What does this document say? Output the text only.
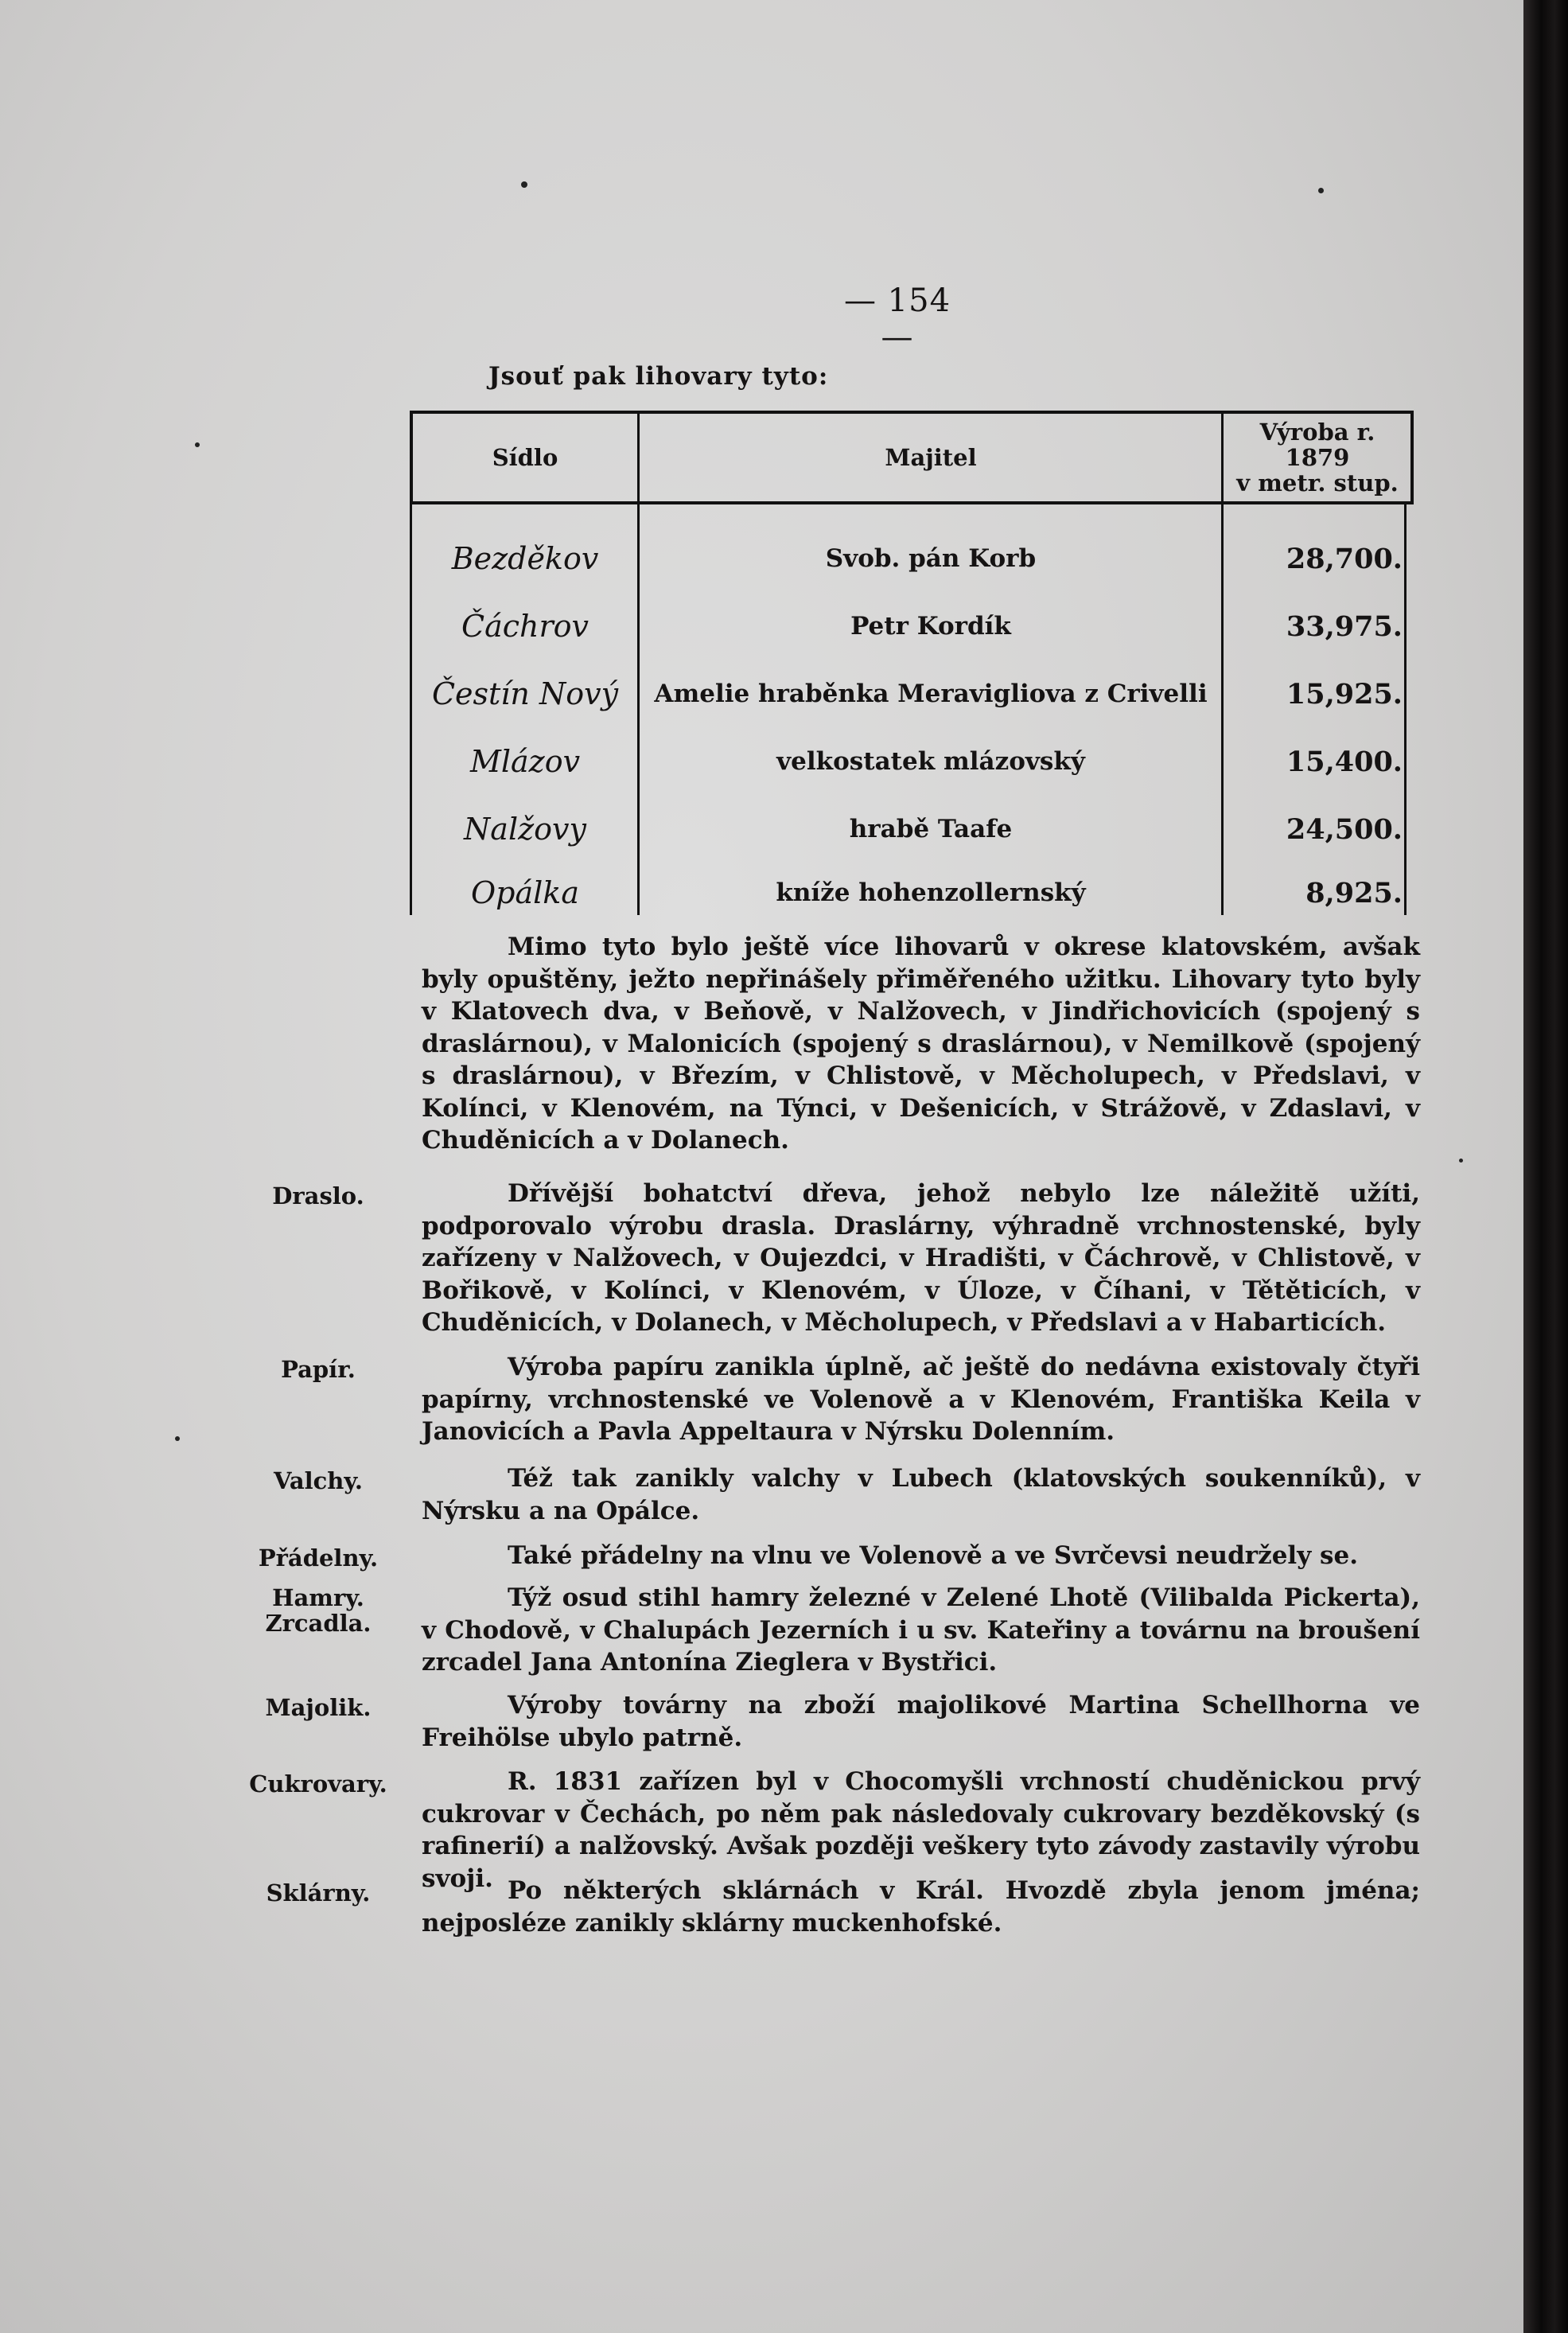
— 154 —
Jsouť pak lihovary tyto:
Sídlo	Majitel
Výroba r. 1879
v metr. stup.
Bezděkov	Svob. pán Korb	28,700.
Čáchrov	Petr Kordík	33,975.
Čestín Nový	Amelie hraběnka Meravigliova z Crivelli	15,925.
Mlázov	velkostatek mlázovský	15,400.
Nalžovy	hrabě Taafe	24,500.
Opálka	kníže hohenzollernský	8,925.

Mimo tyto bylo ještě více lihovarů v okrese klatovském, avšak byly opuštěny, ježto nepřinášely přiměřeného užitku. Lihovary tyto byly v Klatovech dva, v Beňově, v Nalžovech, v Jindřichovicích (spojený s draslárnou), v Malonicích (spojený s draslárnou), v Nemilkově (spojený s draslárnou), v Březím, v Chlistově, v Měcholupech, v Předslavi, v Kolínci, v Klenovém, na Týnci, v Dešenicích, v Strážově, v Zdaslavi, v Chuděnicích a v Dolanech.

Draslo.	Dřívější bohatctví dřeva, jehož nebylo lze náležitě užíti, podporovalo výrobu drasla. Draslárny, výhradně vrchnostenské, byly zařízeny v Nalžovech, v Oujezdci, v Hradišti, v Čáchrově, v Chlistově, v Bořikově, v Kolínci, v Klenovém, v Úloze, v Číhani, v Tětěticích, v Chuděnicích, v Dolanech, v Měcholupech, v Předslavi a v Habarticích.

Papír.	Výroba papíru zanikla úplně, ač ještě do nedávna existovaly čtyři papírny, vrchnostenské ve Volenově a v Klenovém, Františka Keila v Janovicích a Pavla Appeltaura v Nýrsku Dolenním.

Valchy.	Též tak zanikly valchy v Lubech (klatovských soukenníků), v Nýrsku a na Opálce.

Přádelny.	Také přádelny na vlnu ve Volenově a ve Svrčevsi neudržely se.

Hamry. Zrcadla.

Týž osud stihl hamry železné v Zelené Lhotě (Vilibalda Pickerta), v Chodově, v Chalupách Jezerních i u sv. Kateřiny a továrnu na broušení zrcadel Jana Antonína Zieglera v Bystřici.

Majolik.	Výroby továrny na zboží majolikové Martina Schellhorna ve Freihölse ubylo patrně.

Cukrovary.	R. 1831 zařízen byl v Chocomyšli vrchností chuděnickou prvý cukrovar v Čechách, po něm pak následovaly cukrovary bezděkovský (s rafinerií) a nalžovský. Avšak později veškery tyto závody zastavily výrobu svoji.

Sklárny.	Po některých sklárnách v Král. Hvozdě zbyla jenom jména; nejposléze zanikly sklárny muckenhofské.
